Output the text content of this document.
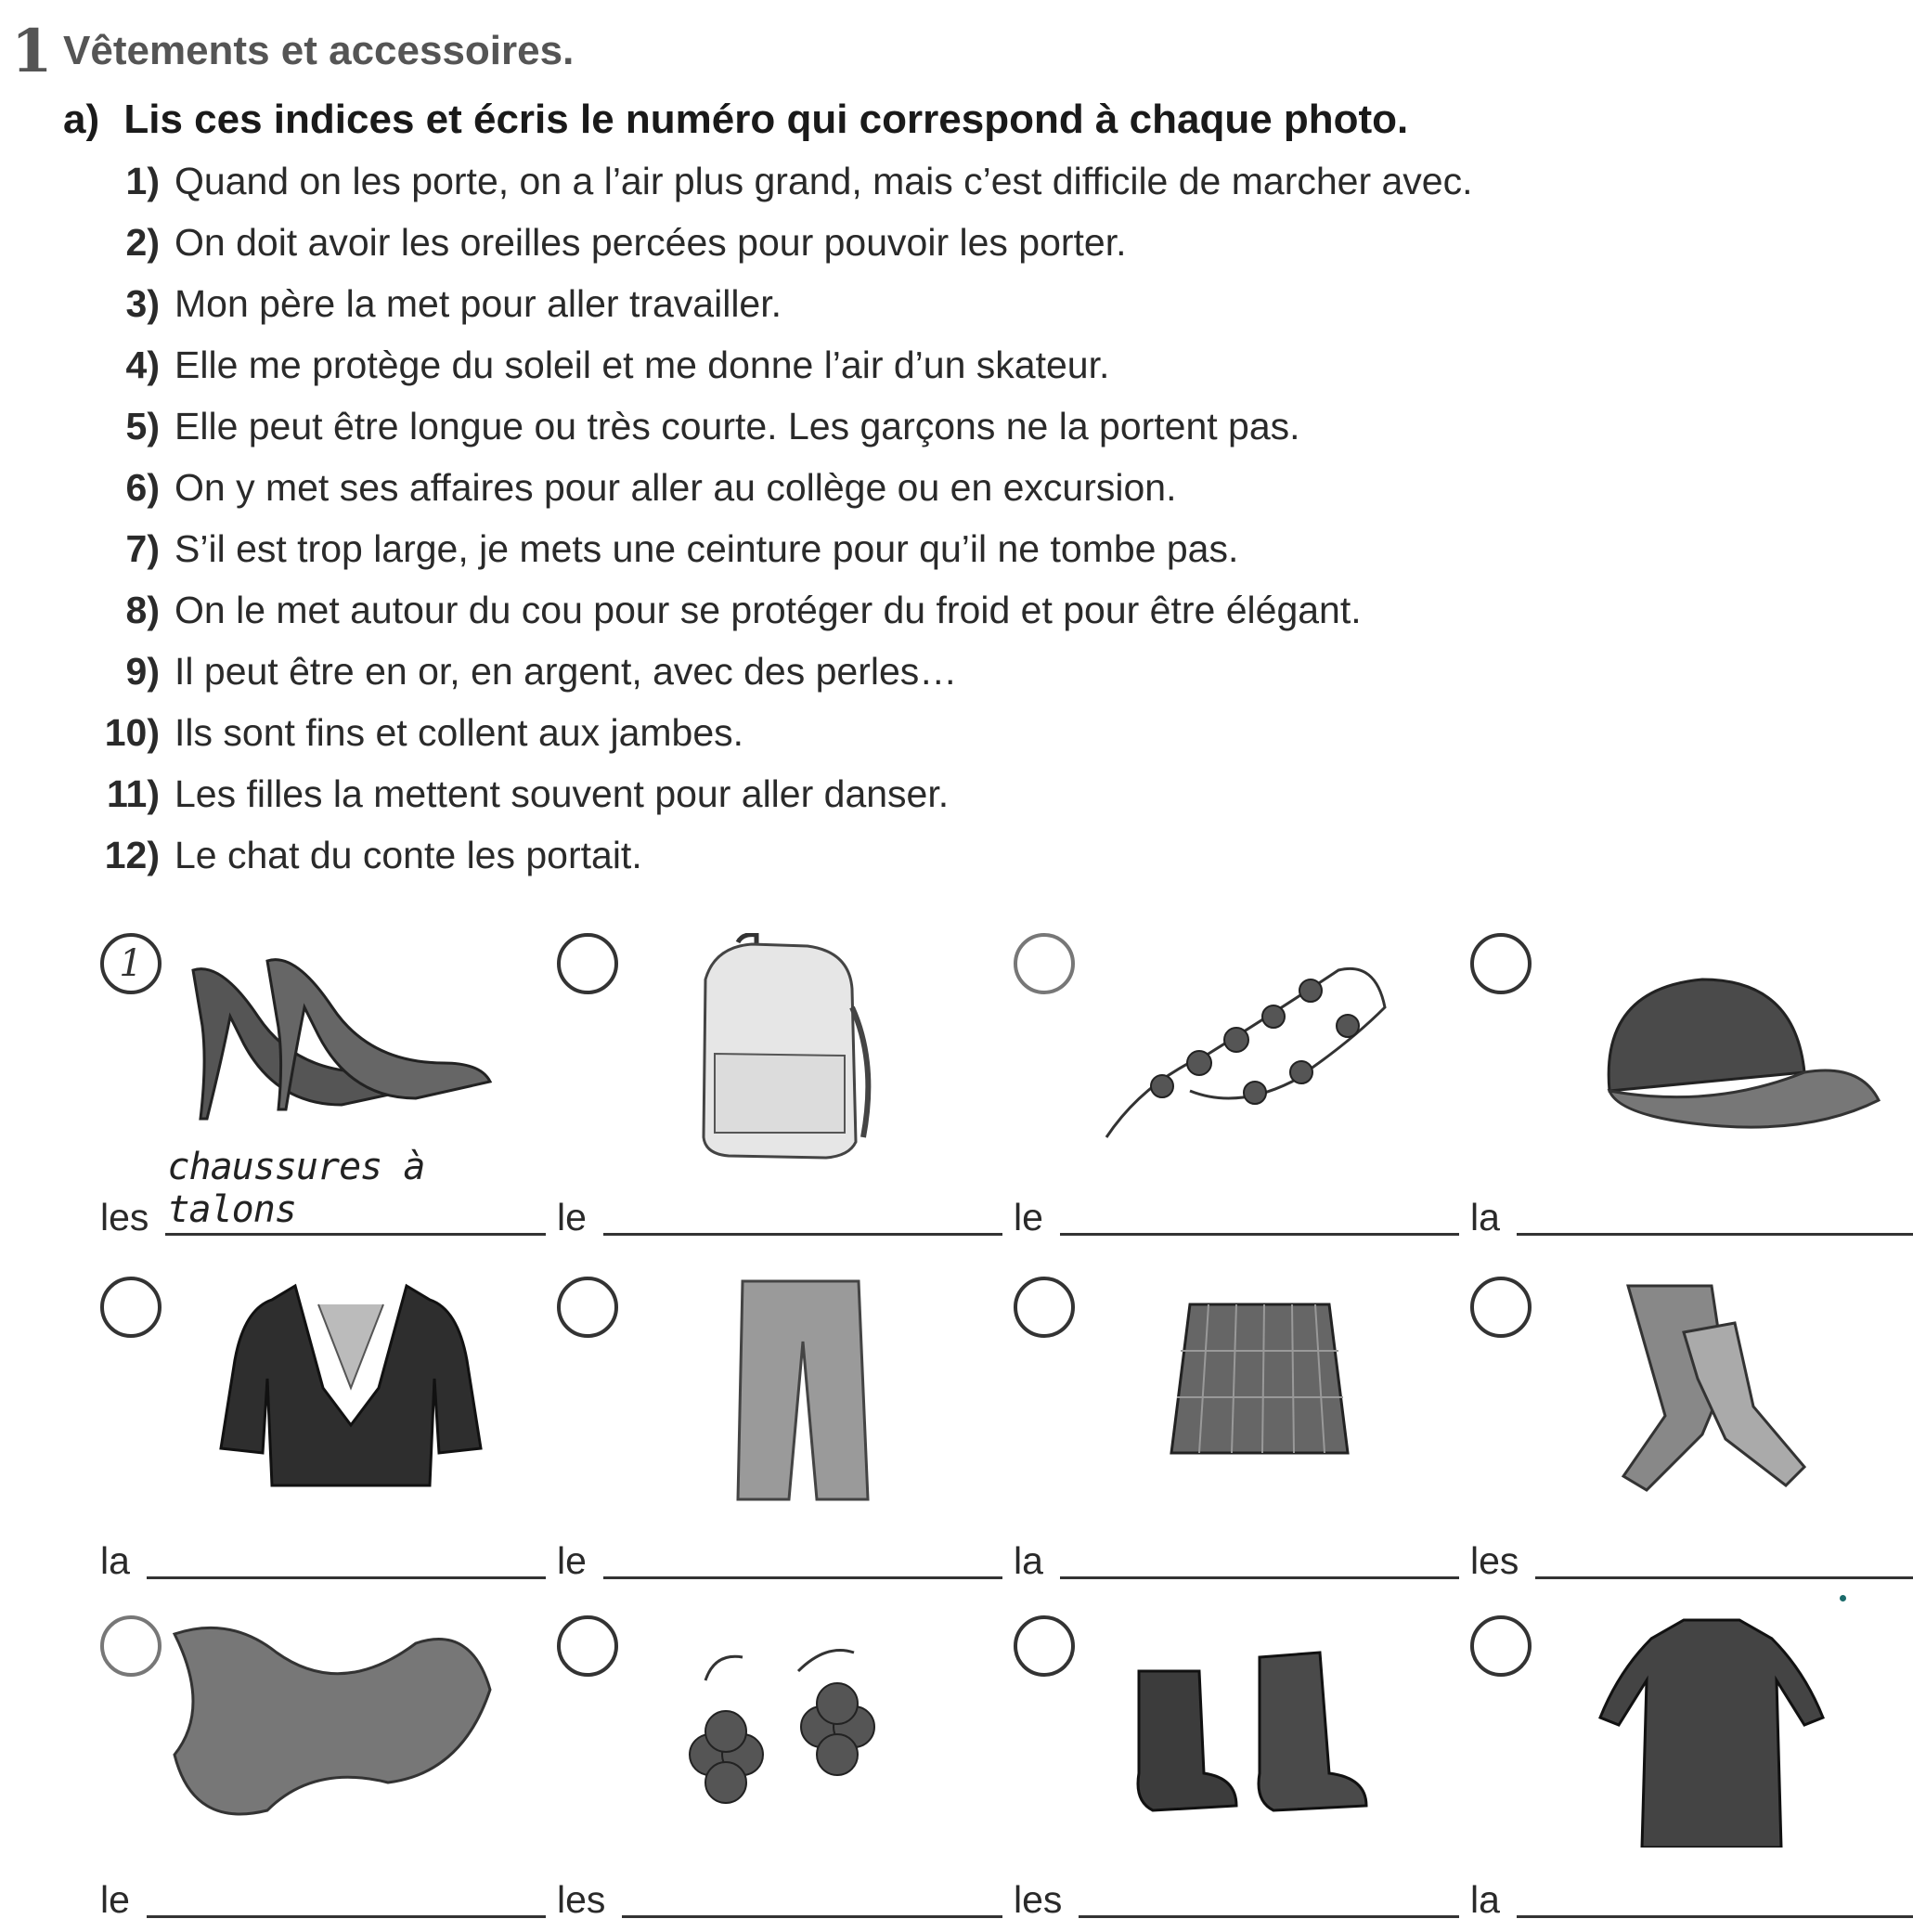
1 Vêtements et accessoires.
a) Lis ces indices et écris le numéro qui correspond à chaque photo.
1) Quand on les porte, on a l’air plus grand, mais c’est difficile de marcher avec.
2) On doit avoir les oreilles percées pour pouvoir les porter.
3) Mon père la met pour aller travailler.
4) Elle me protège du soleil et me donne l’air d’un skateur.
5) Elle peut être longue ou très courte. Les garçons ne la portent pas.
6) On y met ses affaires pour aller au collège ou en excursion.
7) S’il est trop large, je mets une ceinture pour qu’il ne tombe pas.
8) On le met autour du cou pour se protéger du froid et pour être élégant.
9) Il peut être en or, en argent, avec des perles…
10) Ils sont fins et collent aux jambes.
11) Les filles la mettent souvent pour aller danser.
12) Le chat du conte les portait.
1
les
chaussures à talons	le	le	la
la	le	la	les
le	les	les	la
